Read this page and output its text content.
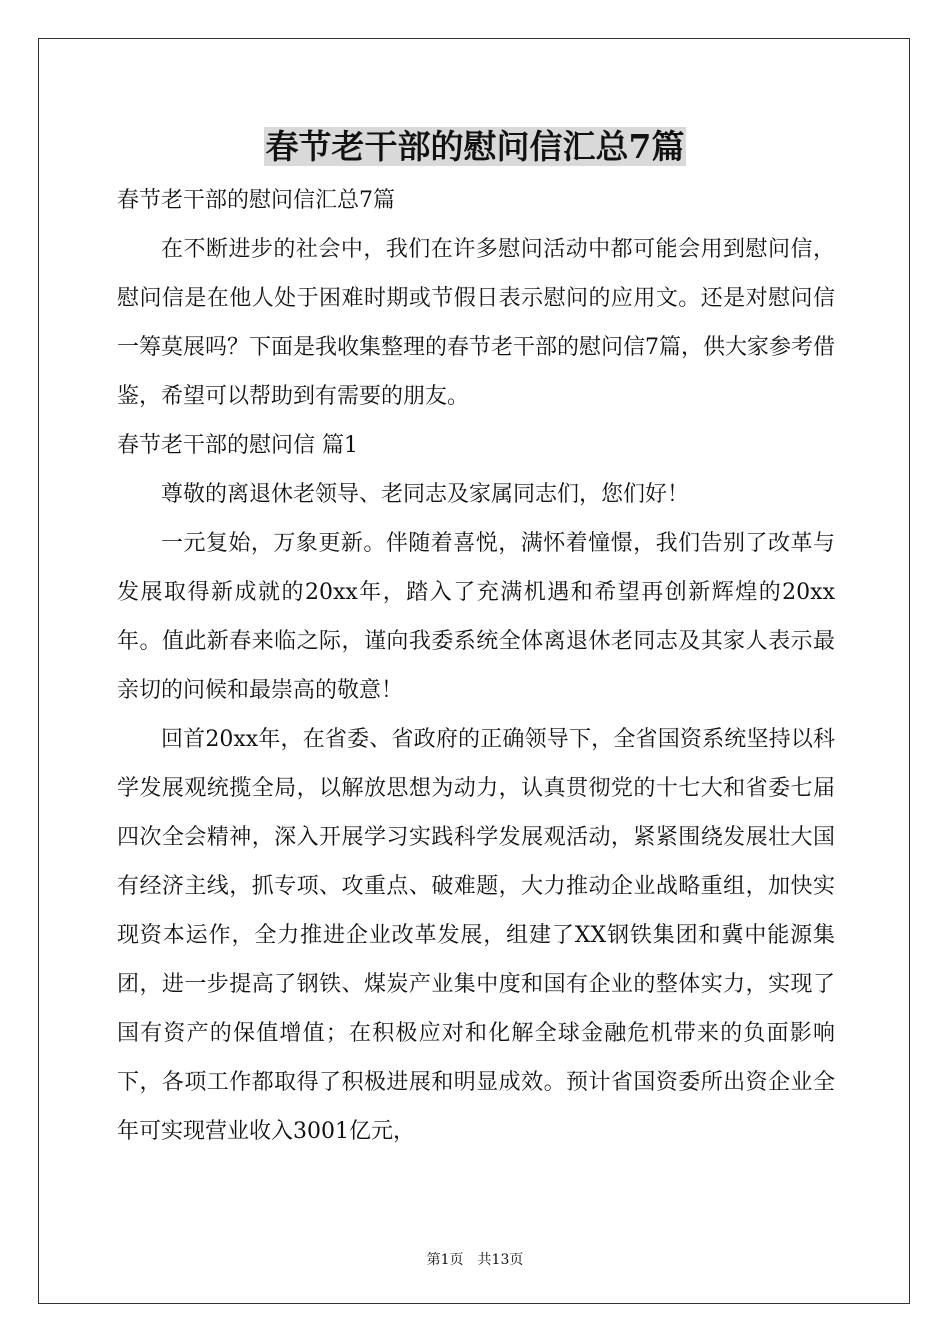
春节老干部的慰问信汇总7篇

春节老干部的慰问信汇总7篇

在不断进步的社会中，我们在许多慰问活动中都可能会用到慰问信，慰问信是在他人处于困难时期或节假日表示慰问的应用文。还是对慰问信一筹莫展吗？下面是我收集整理的春节老干部的慰问信7篇，供大家参考借鉴，希望可以帮助到有需要的朋友。

春节老干部的慰问信 篇1

尊敬的离退休老领导、老同志及家属同志们，您们好！

一元复始，万象更新。伴随着喜悦，满怀着憧憬，我们告别了改革与发展取得新成就的20xx年，踏入了充满机遇和希望再创新辉煌的20xx年。值此新春来临之际，谨向我委系统全体离退休老同志及其家人表示最亲切的问候和最崇高的敬意！

回首20xx年，在省委、省政府的正确领导下，全省国资系统坚持以科学发展观统揽全局，以解放思想为动力，认真贯彻党的十七大和省委七届四次全会精神，深入开展学习实践科学发展观活动，紧紧围绕发展壮大国有经济主线，抓专项、攻重点、破难题，大力推动企业战略重组，加快实现资本运作，全力推进企业改革发展，组建了XX钢铁集团和冀中能源集团，进一步提高了钢铁、煤炭产业集中度和国有企业的整体实力，实现了国有资产的保值增值；在积极应对和化解全球金融危机带来的负面影响下，各项工作都取得了积极进展和明显成效。预计省国资委所出资企业全年可实现营业收入3001亿元，

第1页 共13页
